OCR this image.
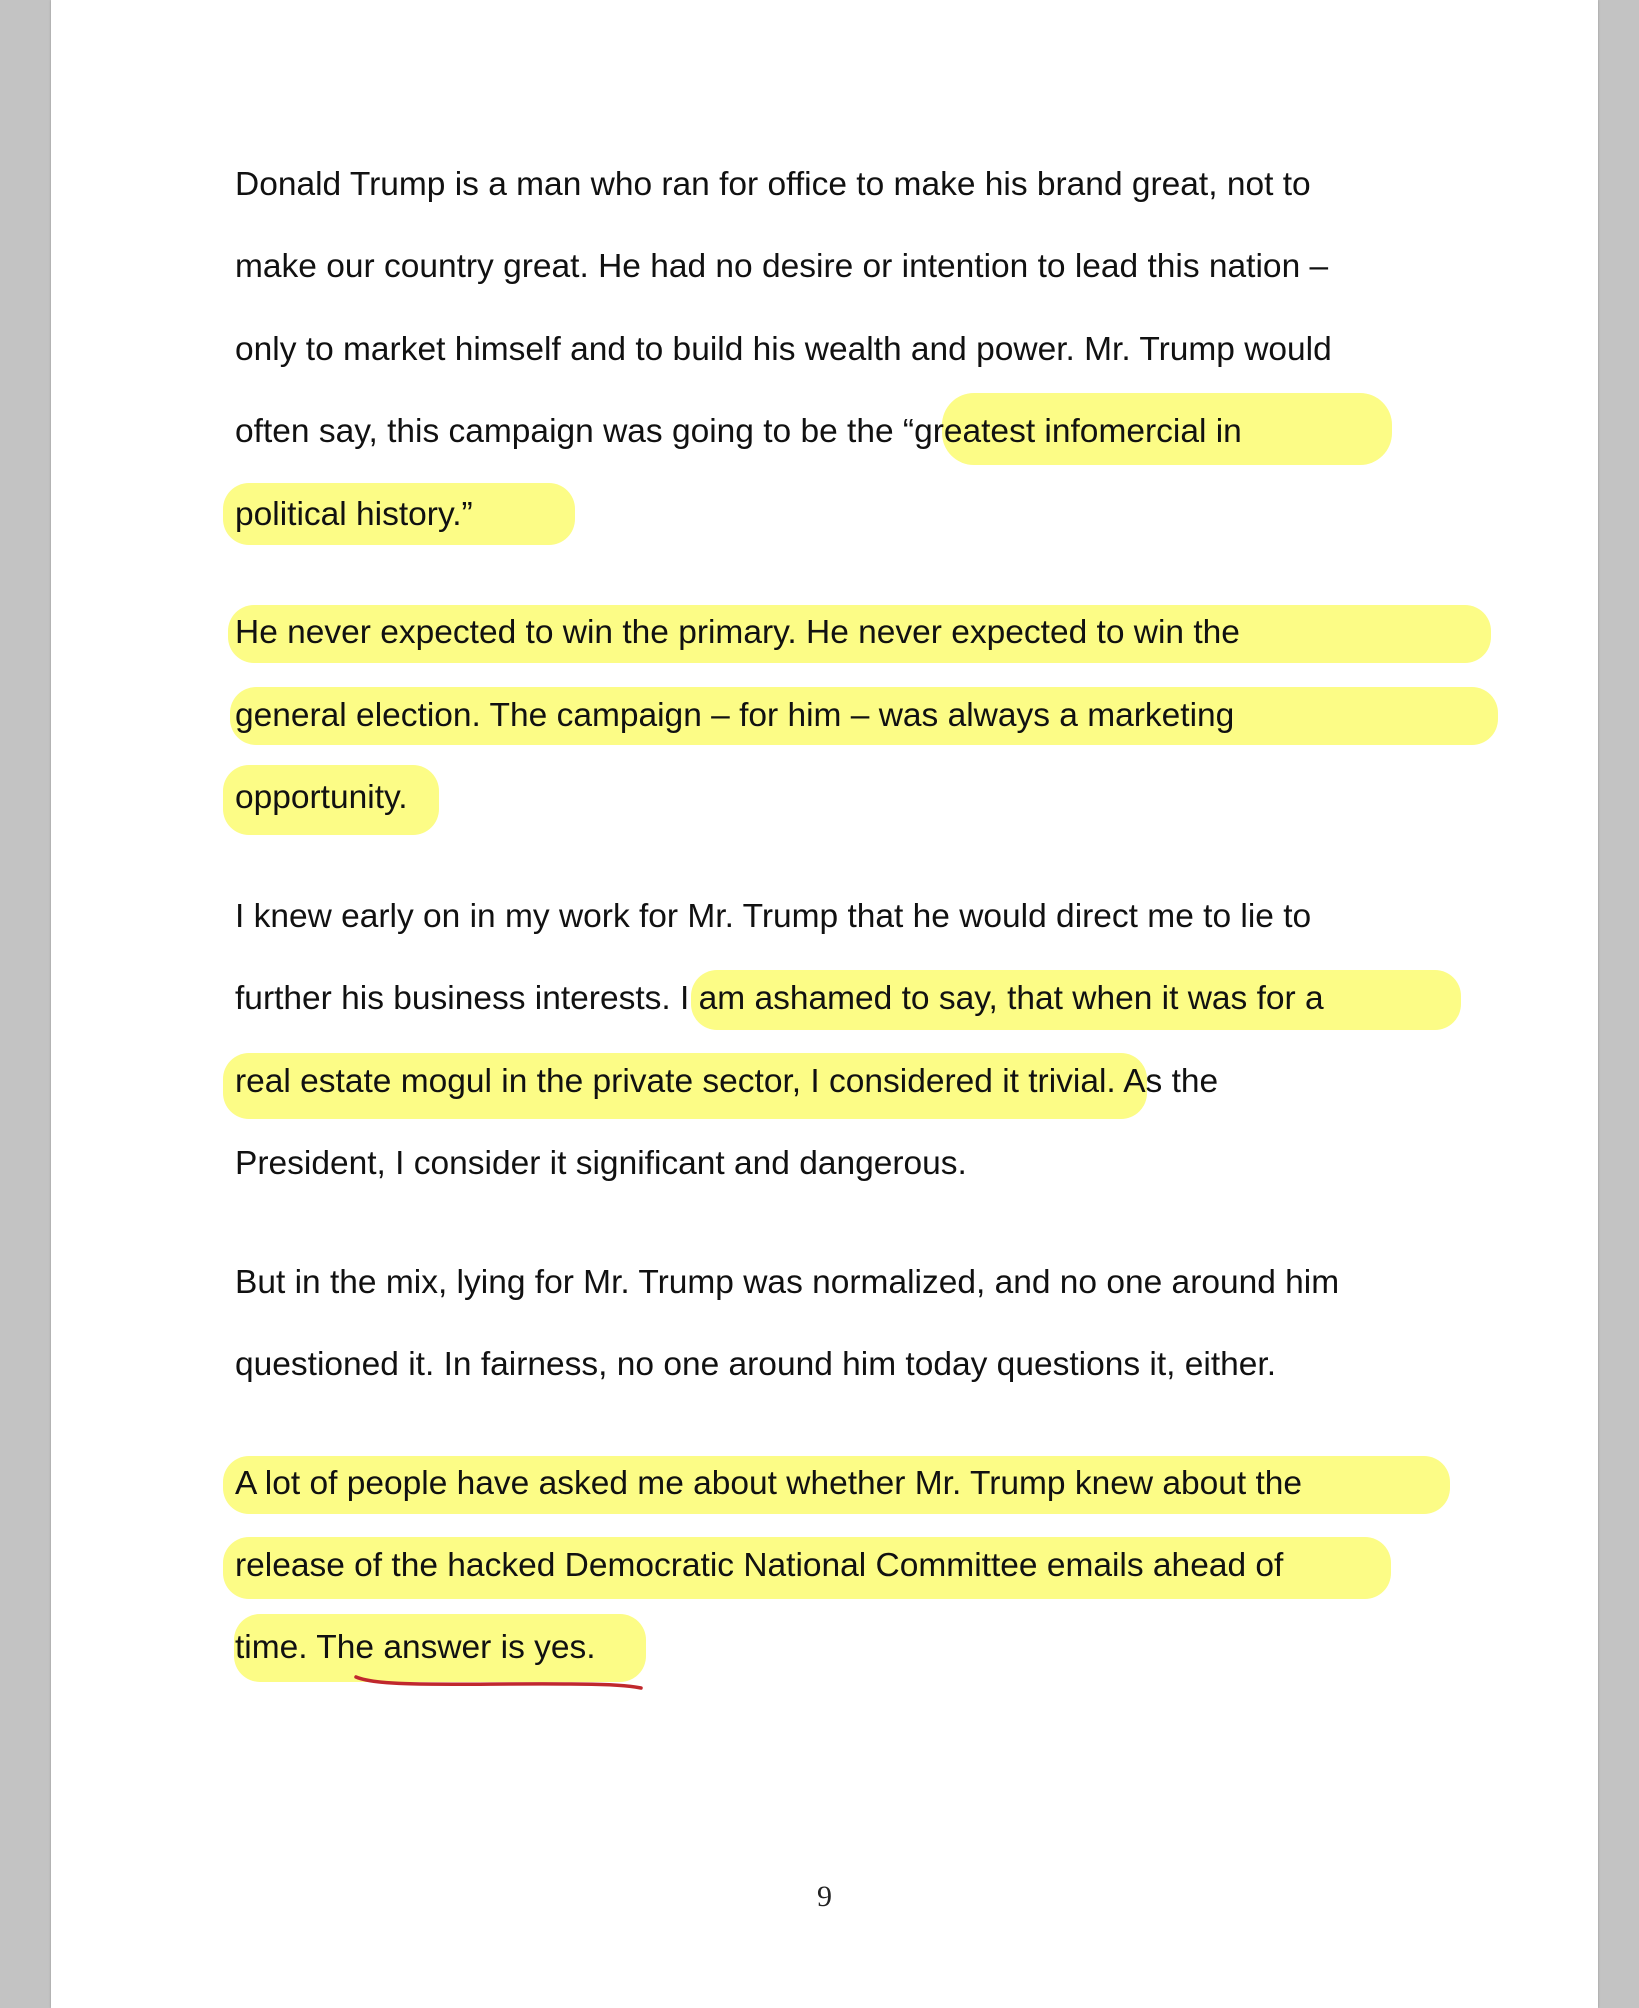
Donald Trump is a man who ran for office to make his brand great, not to
make our country great. He had no desire or intention to lead this nation –
only to market himself and to build his wealth and power. Mr. Trump would
often say, this campaign was going to be the “greatest infomercial in
political history.”
He never expected to win the primary. He never expected to win the
general election. The campaign – for him – was always a marketing
opportunity.
I knew early on in my work for Mr. Trump that he would direct me to lie to
further his business interests. I am ashamed to say, that when it was for a
real estate mogul in the private sector, I considered it trivial. As the
President, I consider it significant and dangerous.
But in the mix, lying for Mr. Trump was normalized, and no one around him
questioned it. In fairness, no one around him today questions it, either.
A lot of people have asked me about whether Mr. Trump knew about the
release of the hacked Democratic National Committee emails ahead of
time. The answer is yes.
9
